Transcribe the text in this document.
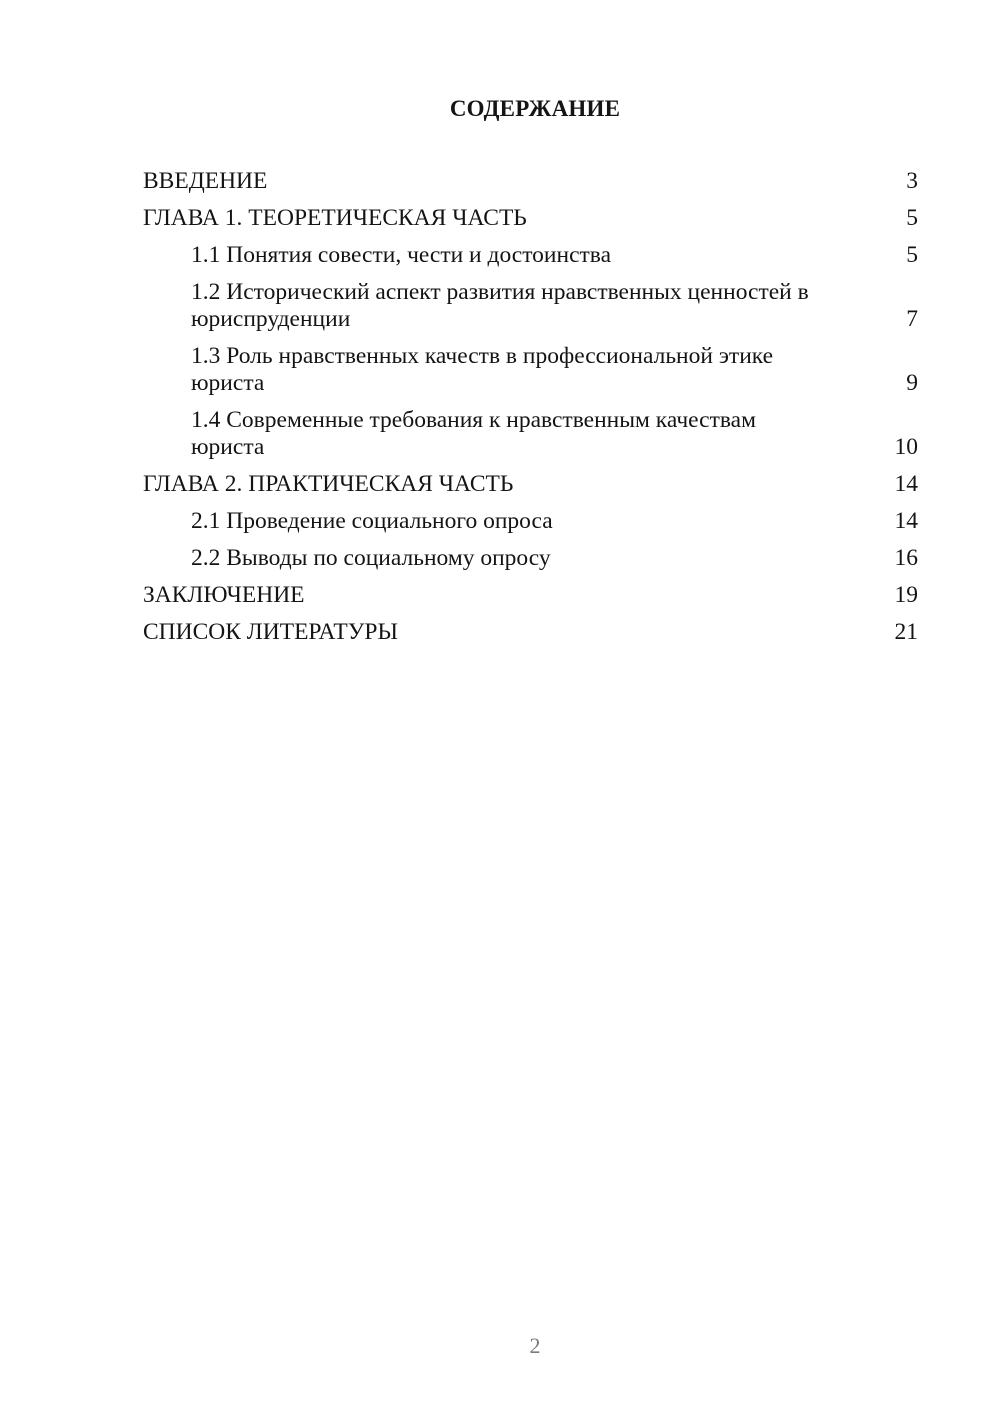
СОДЕРЖАНИЕ
ВВЕДЕНИЕ	3
ГЛАВА 1. ТЕОРЕТИЧЕСКАЯ ЧАСТЬ	5
1.1 Понятия совести, чести и достоинства	5
1.2 Исторический аспект развития нравственных ценностей в юриспруденции	7
1.3 Роль нравственных качеств в профессиональной этике юриста	9
1.4 Современные требования к нравственным качествам юриста	10
ГЛАВА 2. ПРАКТИЧЕСКАЯ ЧАСТЬ	14
2.1 Проведение социального опроса	14
2.2 Выводы по социальному опросу	16
ЗАКЛЮЧЕНИЕ	19
СПИСОК ЛИТЕРАТУРЫ	21
2
